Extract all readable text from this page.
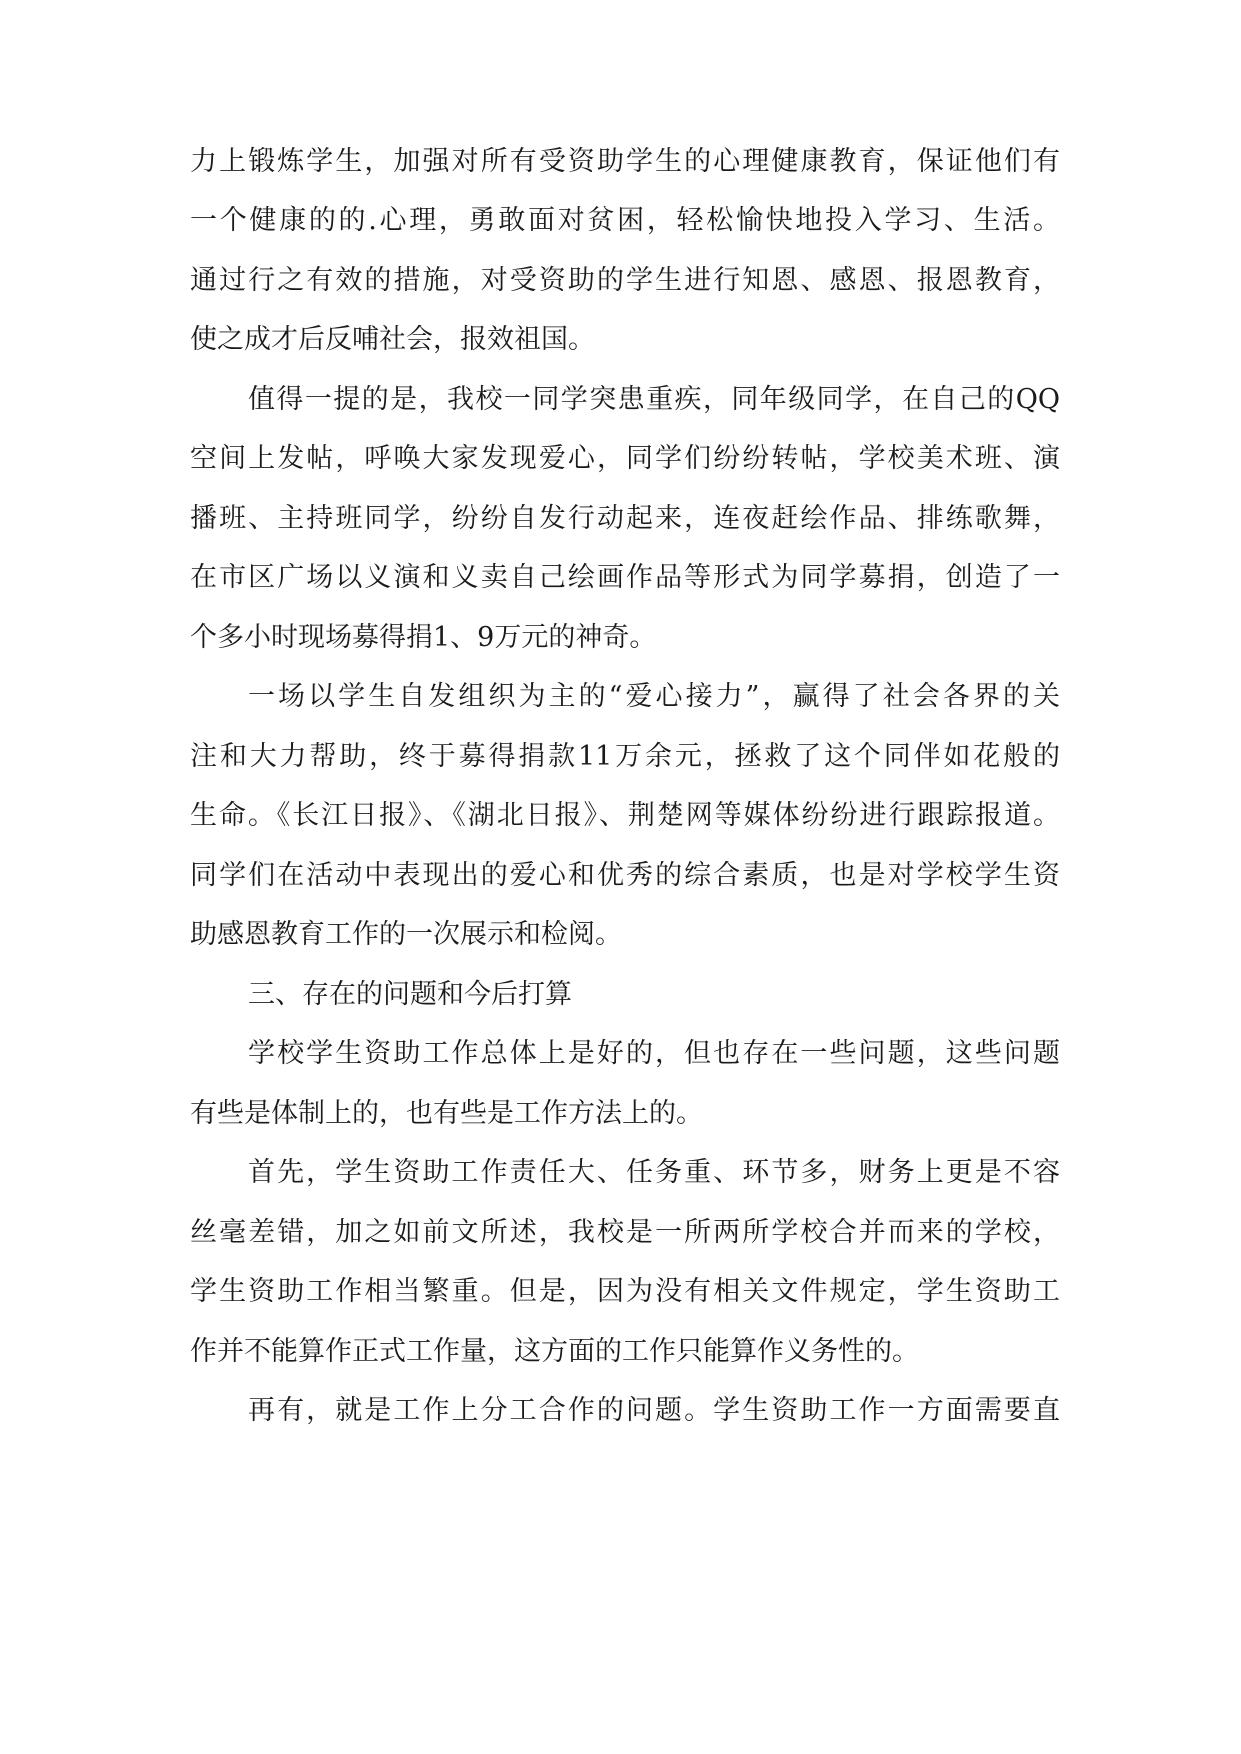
力上锻炼学生，加强对所有受资助学生的心理健康教育，保证他们有
一个健康的的.心理，勇敢面对贫困，轻松愉快地投入学习、生活。
通过行之有效的措施，对受资助的学生进行知恩、感恩、报恩教育，
使之成才后反哺社会，报效祖国。
值得一提的是，我校一同学突患重疾，同年级同学，在自己的QQ
空间上发帖，呼唤大家发现爱心，同学们纷纷转帖，学校美术班、演
播班、主持班同学，纷纷自发行动起来，连夜赶绘作品、排练歌舞，
在市区广场以义演和义卖自己绘画作品等形式为同学募捐，创造了一
个多小时现场募得捐1、9万元的神奇。
一场以学生自发组织为主的“爱心接力”，赢得了社会各界的关
注和大力帮助，终于募得捐款11万余元，拯救了这个同伴如花般的
生命。《长江日报》、《湖北日报》、荆楚网等媒体纷纷进行跟踪报道。
同学们在活动中表现出的爱心和优秀的综合素质，也是对学校学生资
助感恩教育工作的一次展示和检阅。
三、存在的问题和今后打算
学校学生资助工作总体上是好的，但也存在一些问题，这些问题
有些是体制上的，也有些是工作方法上的。
首先，学生资助工作责任大、任务重、环节多，财务上更是不容
丝毫差错，加之如前文所述，我校是一所两所学校合并而来的学校，
学生资助工作相当繁重。但是，因为没有相关文件规定，学生资助工
作并不能算作正式工作量，这方面的工作只能算作义务性的。
再有，就是工作上分工合作的问题。学生资助工作一方面需要直
